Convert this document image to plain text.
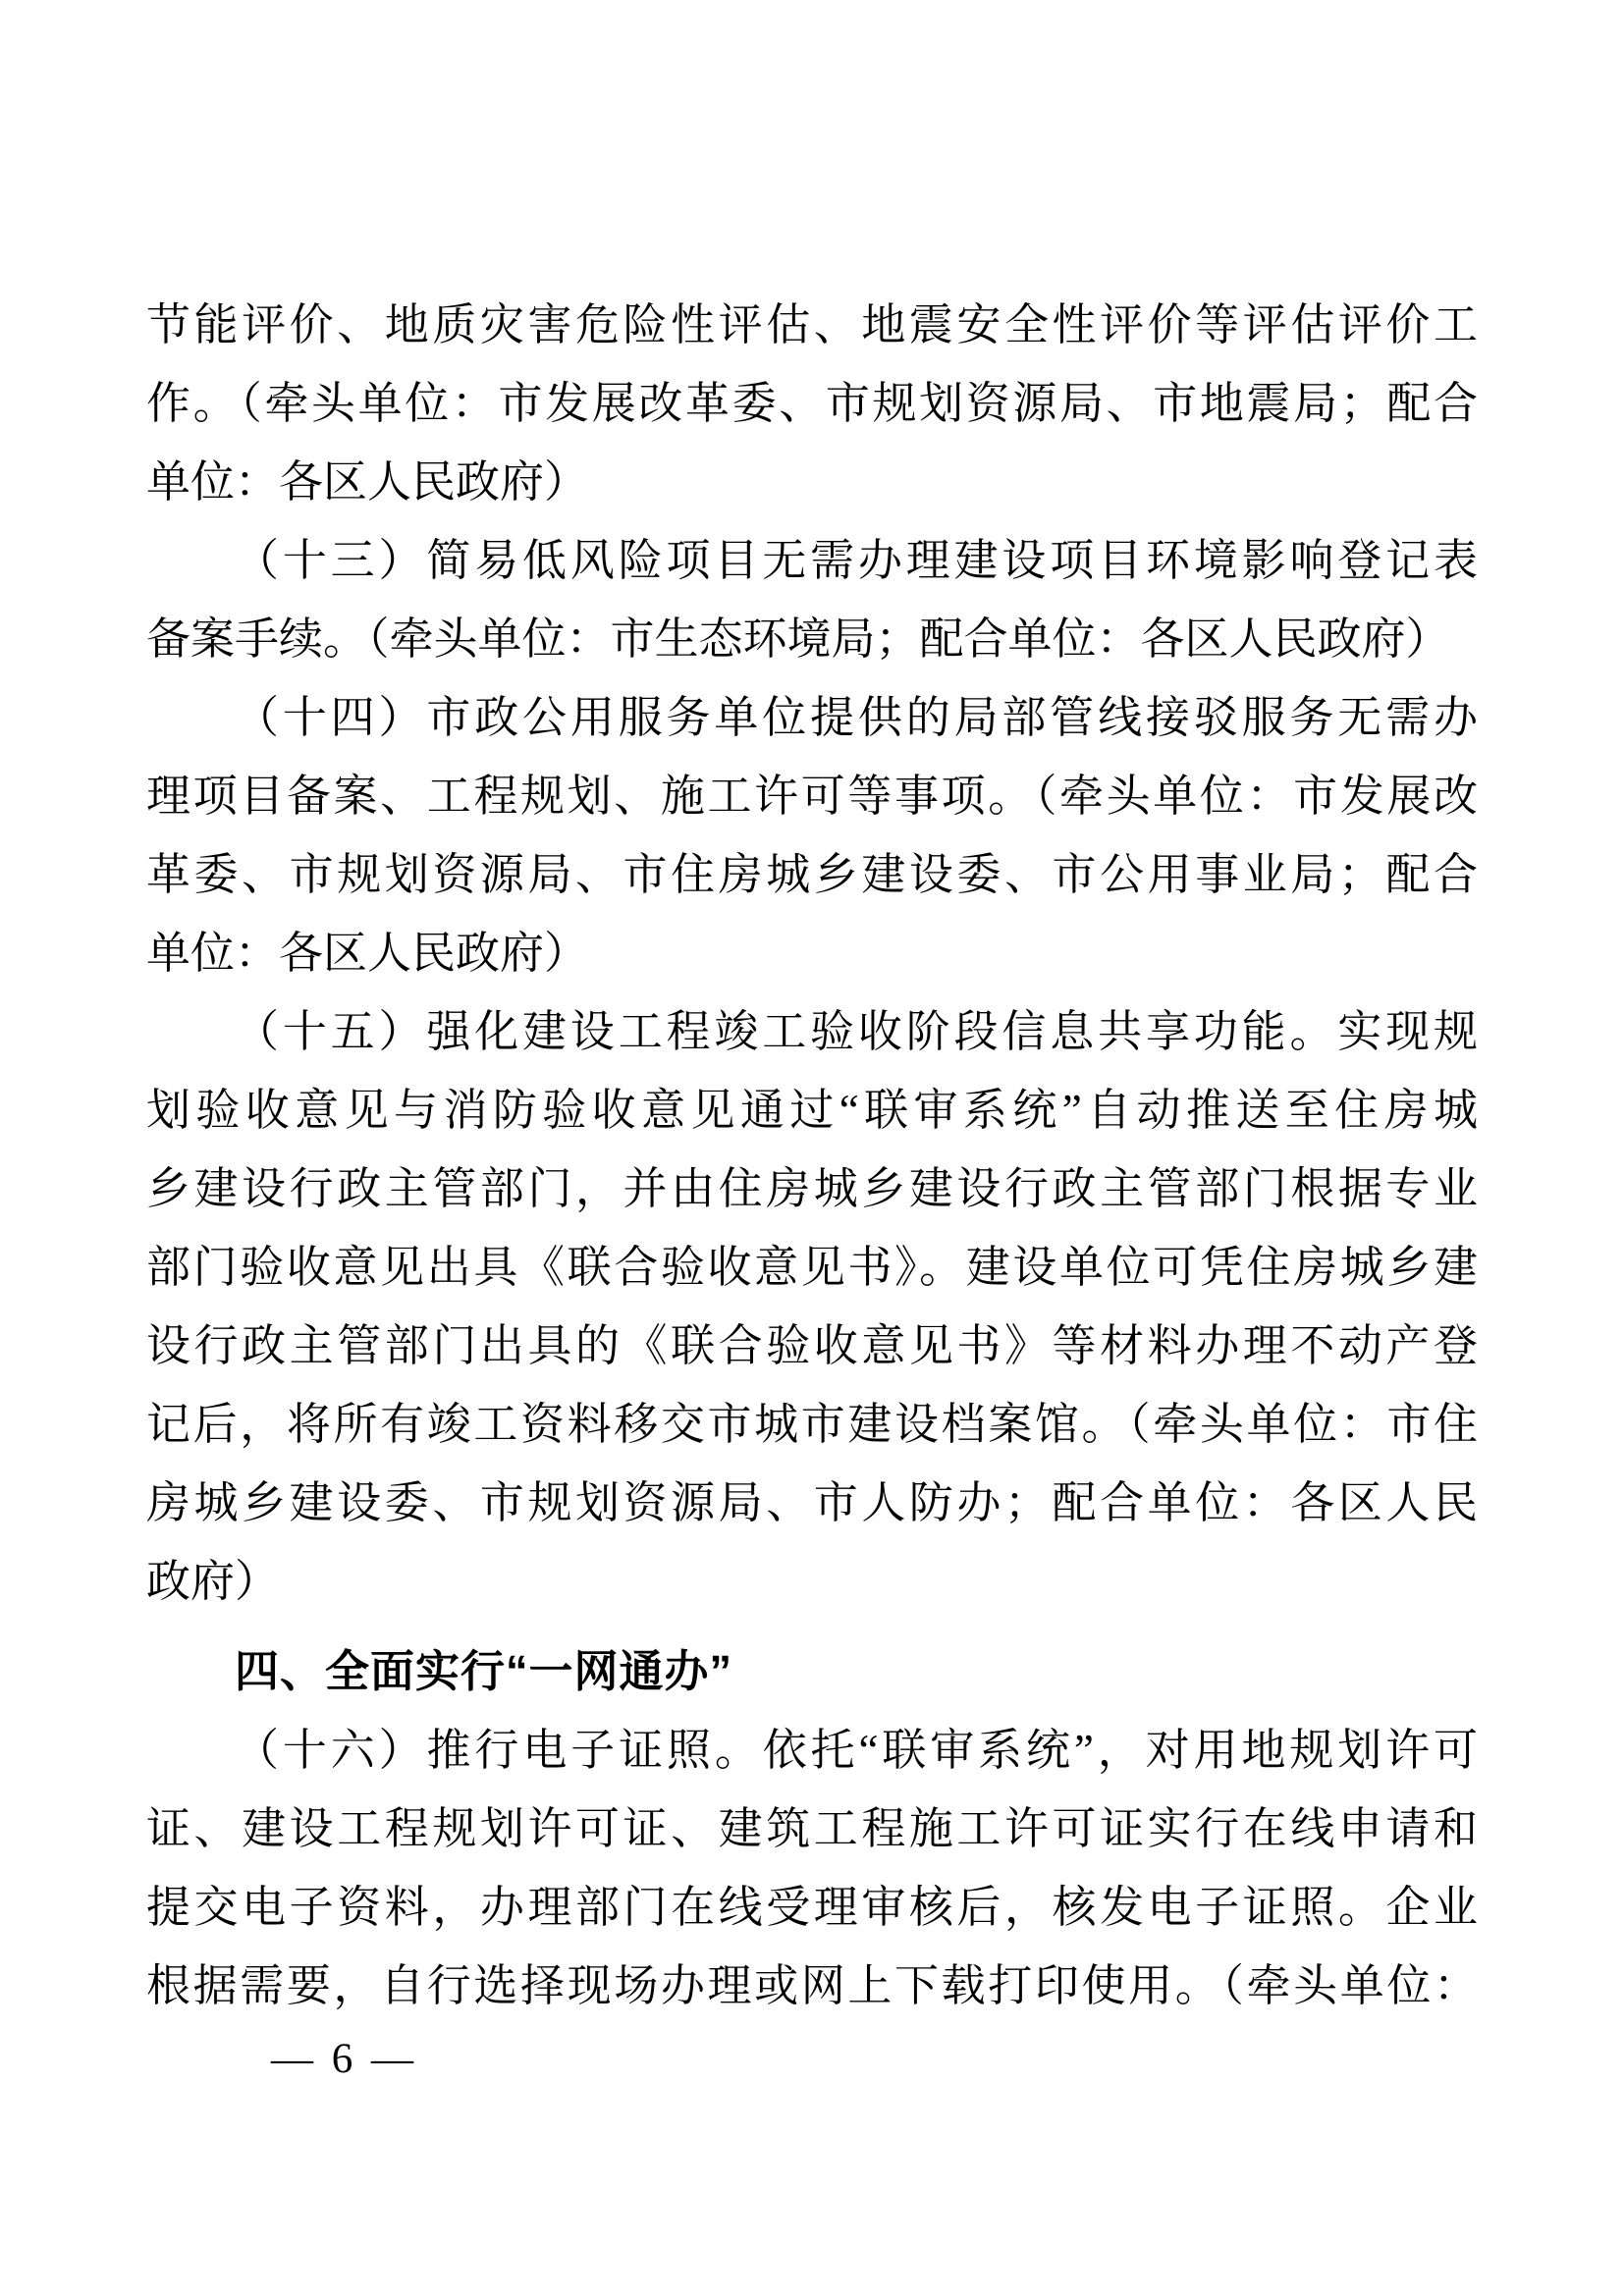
节能评价、地质灾害危险性评估、地震安全性评价等评估评价工
作。（牵头单位：市发展改革委、市规划资源局、市地震局；配合
单位：各区人民政府）
（十三）简易低风险项目无需办理建设项目环境影响登记表
备案手续。（牵头单位：市生态环境局；配合单位：各区人民政府）
（十四）市政公用服务单位提供的局部管线接驳服务无需办
理项目备案、工程规划、施工许可等事项。（牵头单位：市发展改
革委、市规划资源局、市住房城乡建设委、市公用事业局；配合
单位：各区人民政府）
（十五）强化建设工程竣工验收阶段信息共享功能。实现规
划验收意见与消防验收意见通过“联审系统”自动推送至住房城
乡建设行政主管部门，并由住房城乡建设行政主管部门根据专业
部门验收意见出具《联合验收意见书》。建设单位可凭住房城乡建
设行政主管部门出具的《联合验收意见书》等材料办理不动产登
记后，将所有竣工资料移交市城市建设档案馆。（牵头单位：市住
房城乡建设委、市规划资源局、市人防办；配合单位：各区人民
政府）
四、全面实行“一网通办”
（十六）推行电子证照。依托“联审系统”，对用地规划许可
证、建设工程规划许可证、建筑工程施工许可证实行在线申请和
提交电子资料，办理部门在线受理审核后，核发电子证照。企业
根据需要，自行选择现场办理或网上下载打印使用。（牵头单位：
— 6 —
